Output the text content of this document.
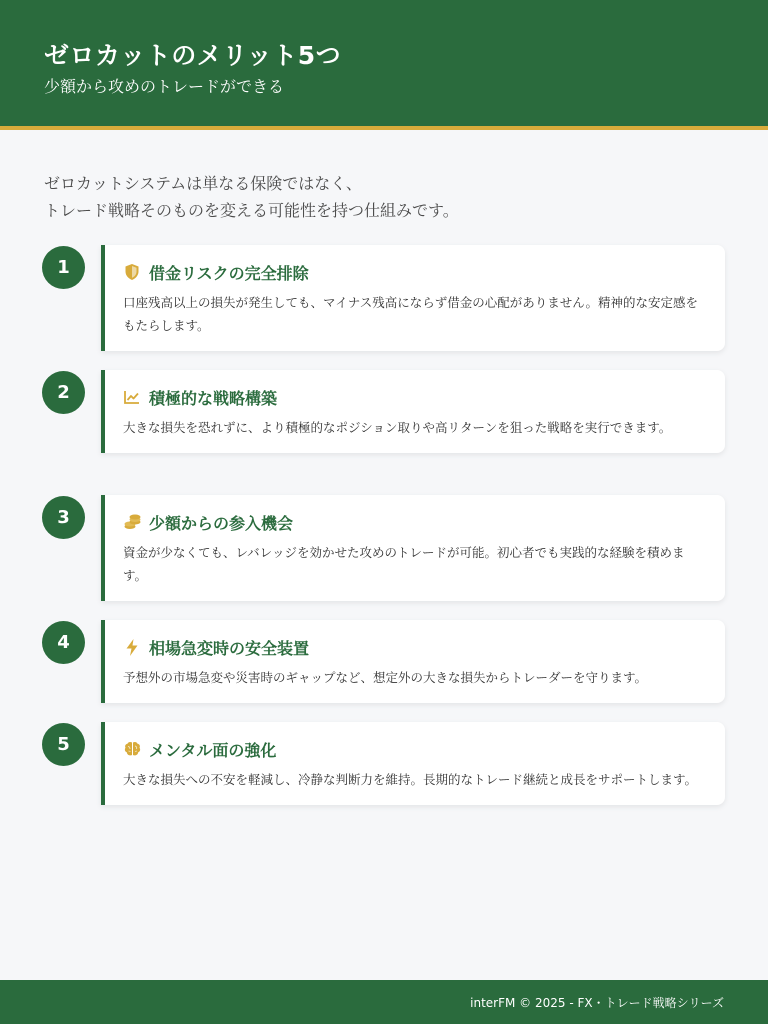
ゼロカットのメリット5つ
少額から攻めのトレードができる
ゼロカットシステムは単なる保険ではなく、
トレード戦略そのものを変える可能性を持つ仕組みです。
1	借金リスクの完全排除
口座残高以上の損失が発生しても、マイナス残高にならず借金の心配がありません。精神的な安定感をもたらします。
2	積極的な戦略構築
大きな損失を恐れずに、より積極的なポジション取りや高リターンを狙った戦略を実行できます。
3	少額からの参入機会
資金が少なくても、レバレッジを効かせた攻めのトレードが可能。初心者でも実践的な経験を積めます。
4	相場急変時の安全装置
予想外の市場急変や災害時のギャップなど、想定外の大きな損失からトレーダーを守ります。
5	メンタル面の強化
大きな損失への不安を軽減し、冷静な判断力を維持。長期的なトレード継続と成長をサポートします。
interFM © 2025 - FX・トレード戦略シリーズ
